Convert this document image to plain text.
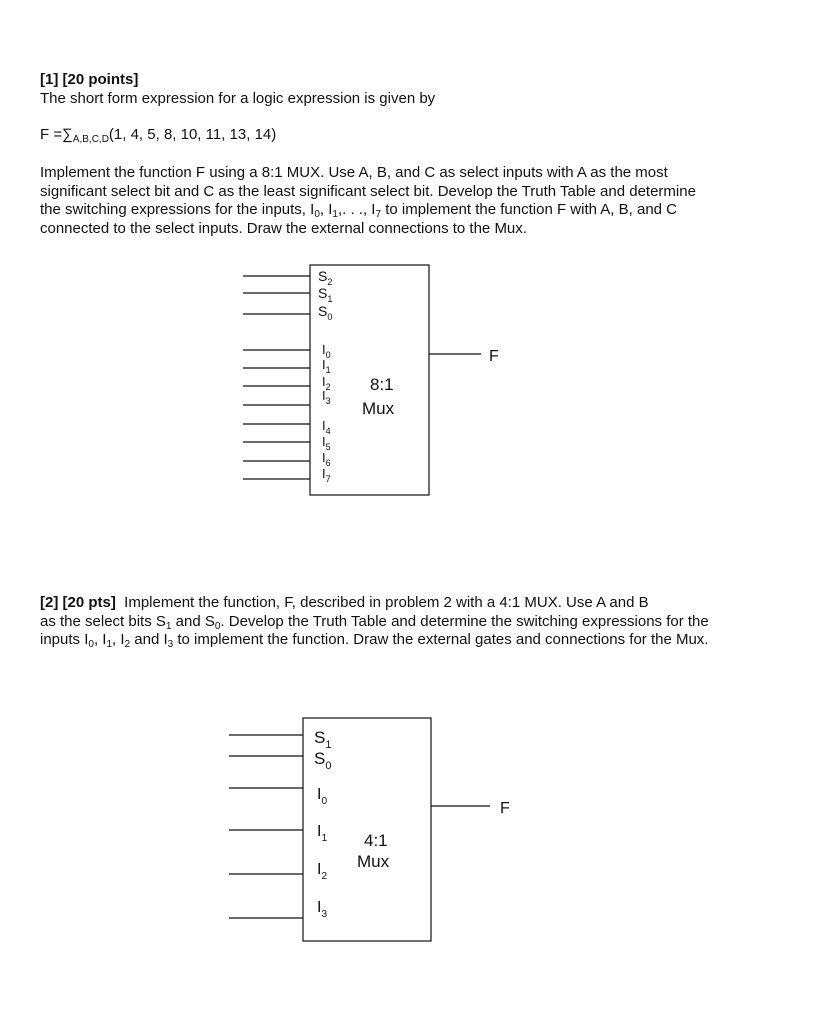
[1] [20 points]
The short form expression for a logic expression is given by
$F =\sum_{A,B,C,D}(1$, 4, 5, 8, 10, 11, 13, 14)
Implement the function F using a 8:1 MUX. Use A, B, and C as select inputs with A as the most
significant select bit and C as the least significant select bit. Develop the Truth Table and determine
the switching expressions for the inputs, $I_0$, $I_1$,. . ., $I_7$ to implement the function F with A, B, and C
connected to the select inputs. Draw the external connections to the Mux.
F
$S_2$
$S_1$
$S_0$
$I_0$
$I_1$
$I_2$
$I_3$
$I_4$
$I_5$
$I_6$
$I_7$
8:1
Mux
[2] [20 pts]  Implement the function, F, described in problem 2 with a 4:1 MUX. Use A and B
as the select bits $S_1$ and $S_0$. Develop the Truth Table and determine the switching expressions for the
inputs $I_0$, $I_1$, $I_2$ and $I_3$ to implement the function. Draw the external gates and connections for the Mux.
F
$S_1$
$S_0$
$I_0$
$I_1$
$I_2$
$I_3$
4:1
Mux
